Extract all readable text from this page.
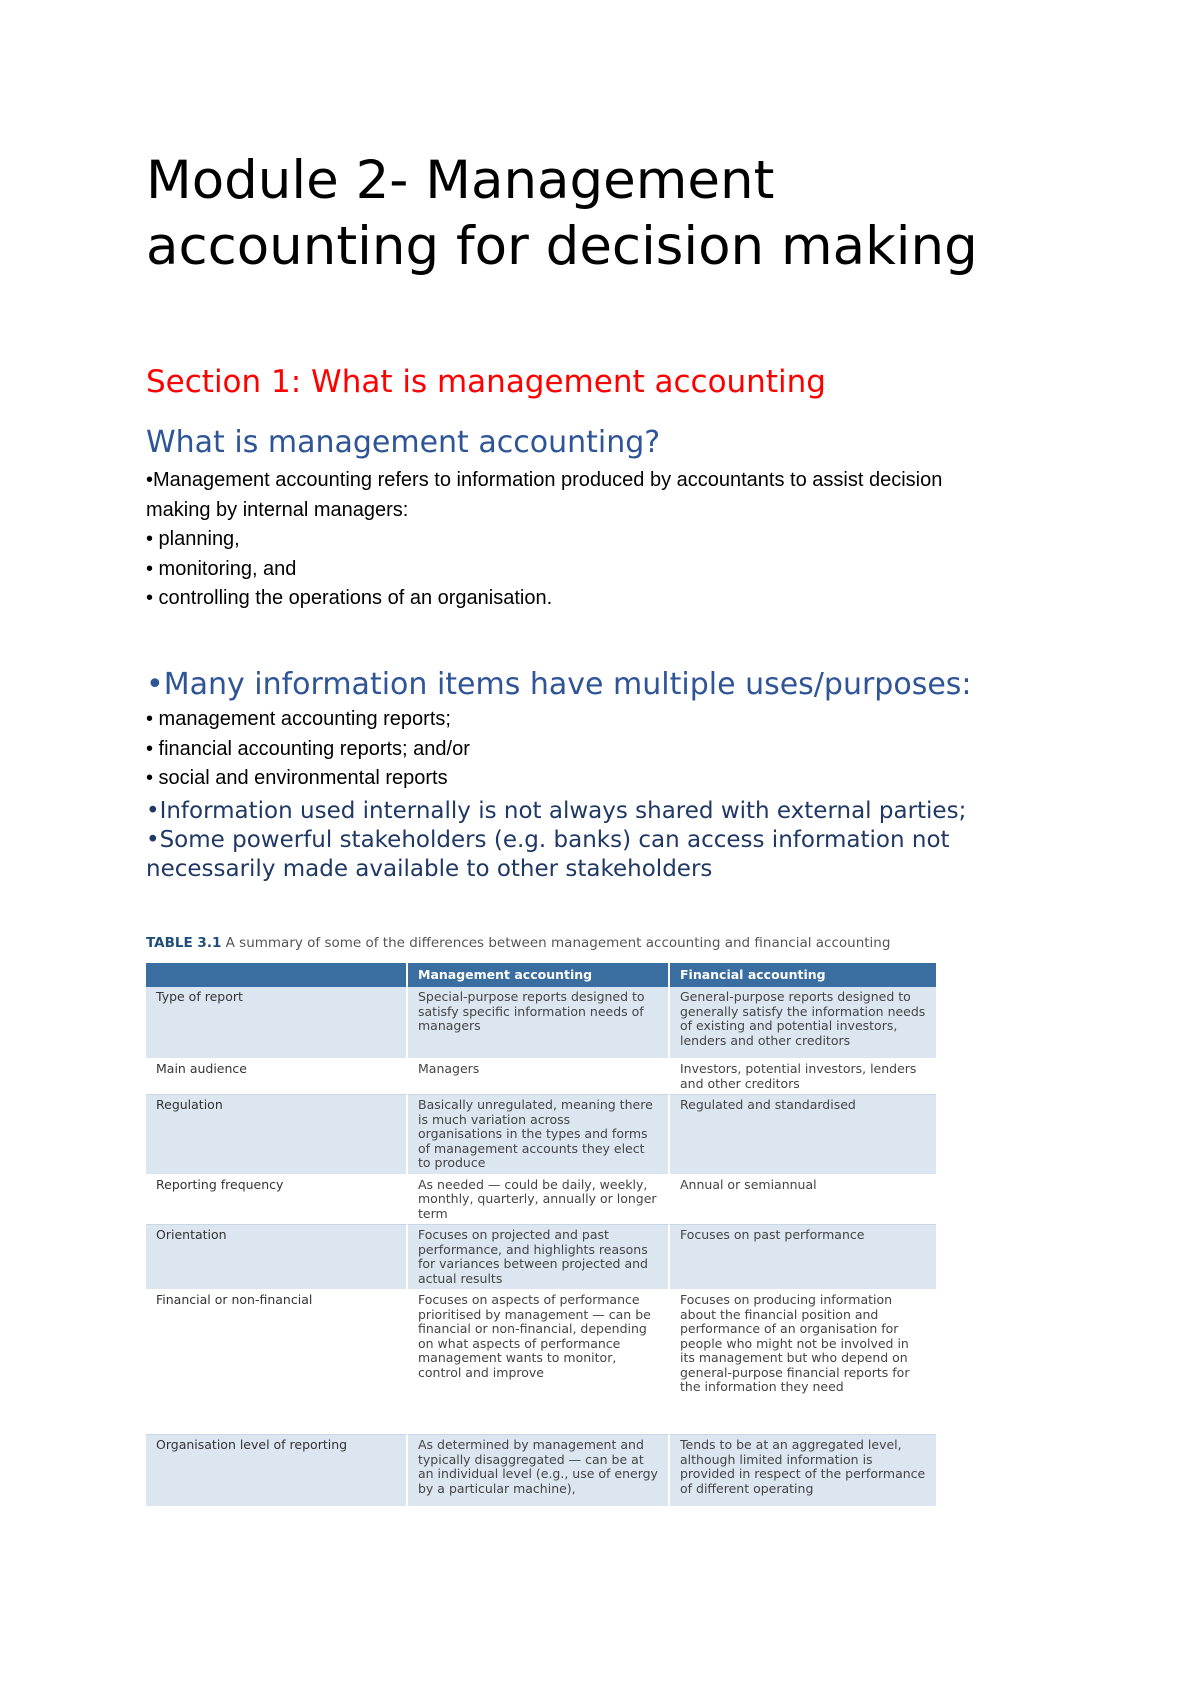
Module 2- Management accounting for decision making
Section 1: What is management accounting
What is management accounting?

•Management accounting refers to information produced by accountants to assist decision

making by internal managers:

• planning,

• monitoring, and

• controlling the operations of an organisation.

•Many information items have multiple uses/purposes:

• management accounting reports;

• financial accounting reports; and/or

• social and environmental reports

•Information used internally is not always shared with external parties;

•Some powerful stakeholders (e.g. banks) can access information not necessarily made available to other stakeholders

TABLE 3.1 A summary of some of the differences between management accounting and financial accounting

	Management accounting	Financial accounting
Type of report	Special-purpose reports designed to satisfy specific information needs of managers	General-purpose reports designed to generally satisfy the information needs of existing and potential investors, lenders and other creditors
Main audience	Managers	Investors, potential investors, lenders and other creditors
Regulation	Basically unregulated, meaning there is much variation across organisations in the types and forms of management accounts they elect to produce	Regulated and standardised
Reporting frequency	As needed — could be daily, weekly, monthly, quarterly, annually or longer term	Annual or semiannual
Orientation	Focuses on projected and past performance, and highlights reasons for variances between projected and actual results	Focuses on past performance
Financial or non-financial	Focuses on aspects of performance prioritised by management — can be financial or non-financial, depending on what aspects of performance management wants to monitor, control and improve	Focuses on producing information about the financial position and performance of an organisation for people who might not be involved in its management but who depend on general-purpose financial reports for the information they need
Organisation level of reporting	As determined by management and typically disaggregated — can be at an individual level (e.g., use of energy by a particular machine),	Tends to be at an aggregated level, although limited information is provided in respect of the performance of different operating
